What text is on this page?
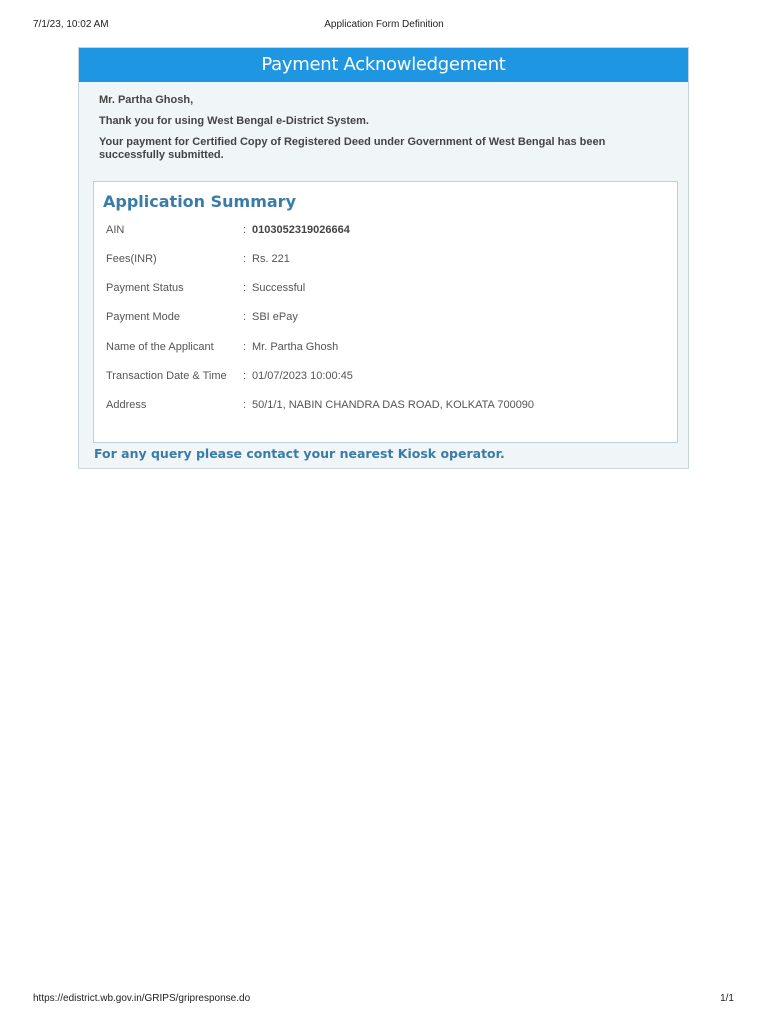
7/1/23, 10:02 AM	Application Form Definition
Payment Acknowledgement
Mr. Partha Ghosh,
Thank you for using West Bengal e-District System.
Your payment for Certified Copy of Registered Deed under Government of West Bengal has been successfully submitted.
Application Summary
AIN	: 0103052319026664
Fees(INR)	: Rs. 221
Payment Status	: Successful
Payment Mode	: SBI ePay
Name of the Applicant	: Mr. Partha Ghosh
Transaction Date & Time : 01/07/2023 10:00:45
Address	: 50/1/1, NABIN CHANDRA DAS ROAD, KOLKATA 700090
For any query please contact your nearest Kiosk operator.
https://edistrict.wb.gov.in/GRIPS/gripresponse.do	1/1
